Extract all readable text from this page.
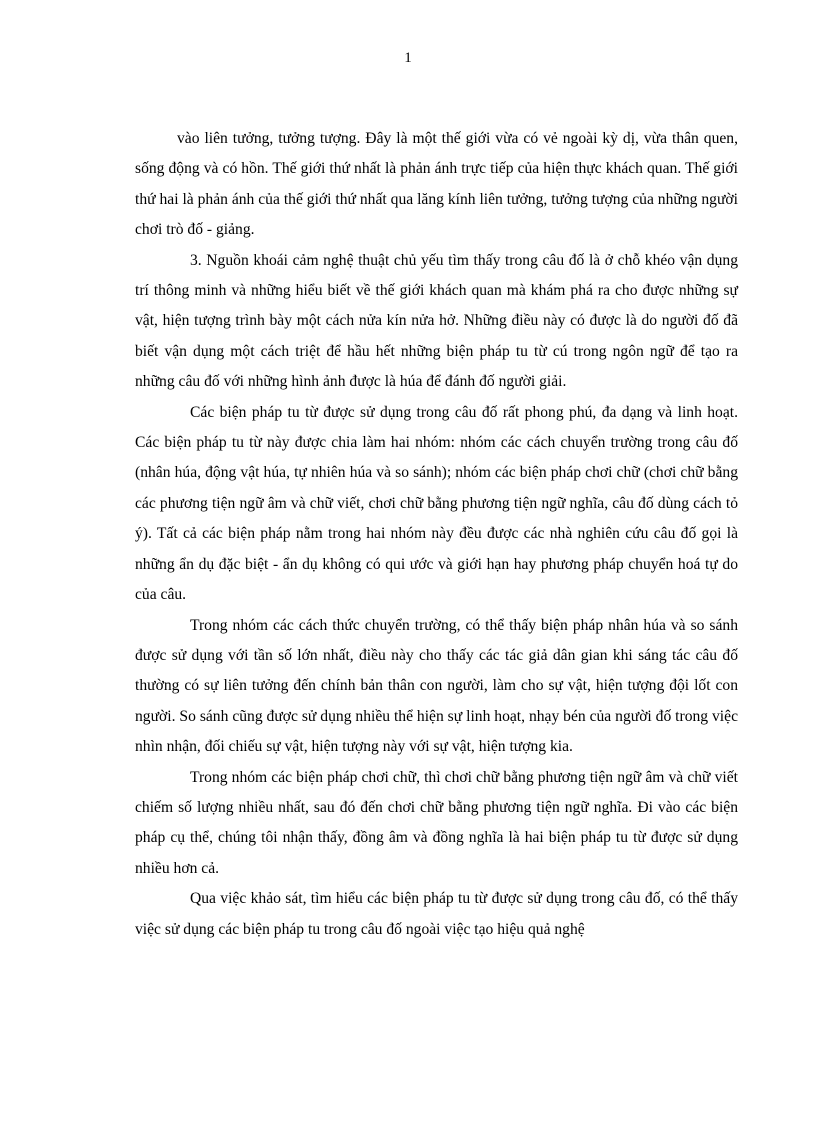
1

vào liên tưởng, tưởng tượng. Đây là một thế giới vừa có vẻ ngoài kỳ dị, vừa thân quen, sống động và có hồn. Thế giới thứ nhất là phản ánh trực tiếp của hiện thực khách quan. Thế giới thứ hai là phản ánh của thế giới thứ nhất qua lăng kính liên tưởng, tưởng tượng của những người chơi trò đố - giảng.

3. Nguồn khoái cảm nghệ thuật chủ yếu tìm thấy trong câu đố là ở chỗ khéo vận dụng trí thông minh và những hiểu biết về thế giới khách quan mà khám phá ra cho được những sự vật, hiện tượng trình bày một cách nửa kín nửa hở. Những điều này có được là do người đố đã biết vận dụng một cách triệt để hầu hết những biện pháp tu từ cú trong ngôn ngữ để tạo ra những câu đố với những hình ảnh được là húa để đánh đố người giải.

Các biện pháp tu từ được sử dụng trong câu đố rất phong phú, đa dạng và linh hoạt. Các biện pháp tu từ này được chia làm hai nhóm: nhóm các cách chuyển trường trong câu đố (nhân húa, động vật húa, tự nhiên húa và so sánh); nhóm các biện pháp chơi chữ (chơi chữ bằng các phương tiện ngữ âm và chữ viết, chơi chữ bằng phương tiện ngữ nghĩa, câu đố dùng cách tỏ ý). Tất cả các biện pháp nằm trong hai nhóm này đều được các nhà nghiên cứu câu đố gọi là những ẩn dụ đặc biệt - ẩn dụ không có qui ước và giới hạn hay phương pháp chuyển hoá tự do của câu.

Trong nhóm các cách thức chuyển trường, có thể thấy biện pháp nhân húa và so sánh được sử dụng với tần số lớn nhất, điều này cho thấy các tác giả dân gian khi sáng tác câu đố thường có sự liên tưởng đến chính bản thân con người, làm cho sự vật, hiện tượng đội lốt con người. So sánh cũng được sử dụng nhiều thể hiện sự linh hoạt, nhạy bén của người đố trong việc nhìn nhận, đối chiếu sự vật, hiện tượng này với sự vật, hiện tượng kia.

Trong nhóm các biện pháp chơi chữ, thì chơi chữ bằng phương tiện ngữ âm và chữ viết chiếm số lượng nhiều nhất, sau đó đến chơi chữ bằng phương tiện ngữ nghĩa. Đi vào các biện pháp cụ thể, chúng tôi nhận thấy, đồng âm và đồng nghĩa là hai biện pháp tu từ được sử dụng nhiều hơn cả.

Qua việc khảo sát, tìm hiểu các biện pháp tu từ được sử dụng trong câu đố, có thể thấy việc sử dụng các biện pháp tu trong câu đố ngoài việc tạo hiệu quả nghệ
